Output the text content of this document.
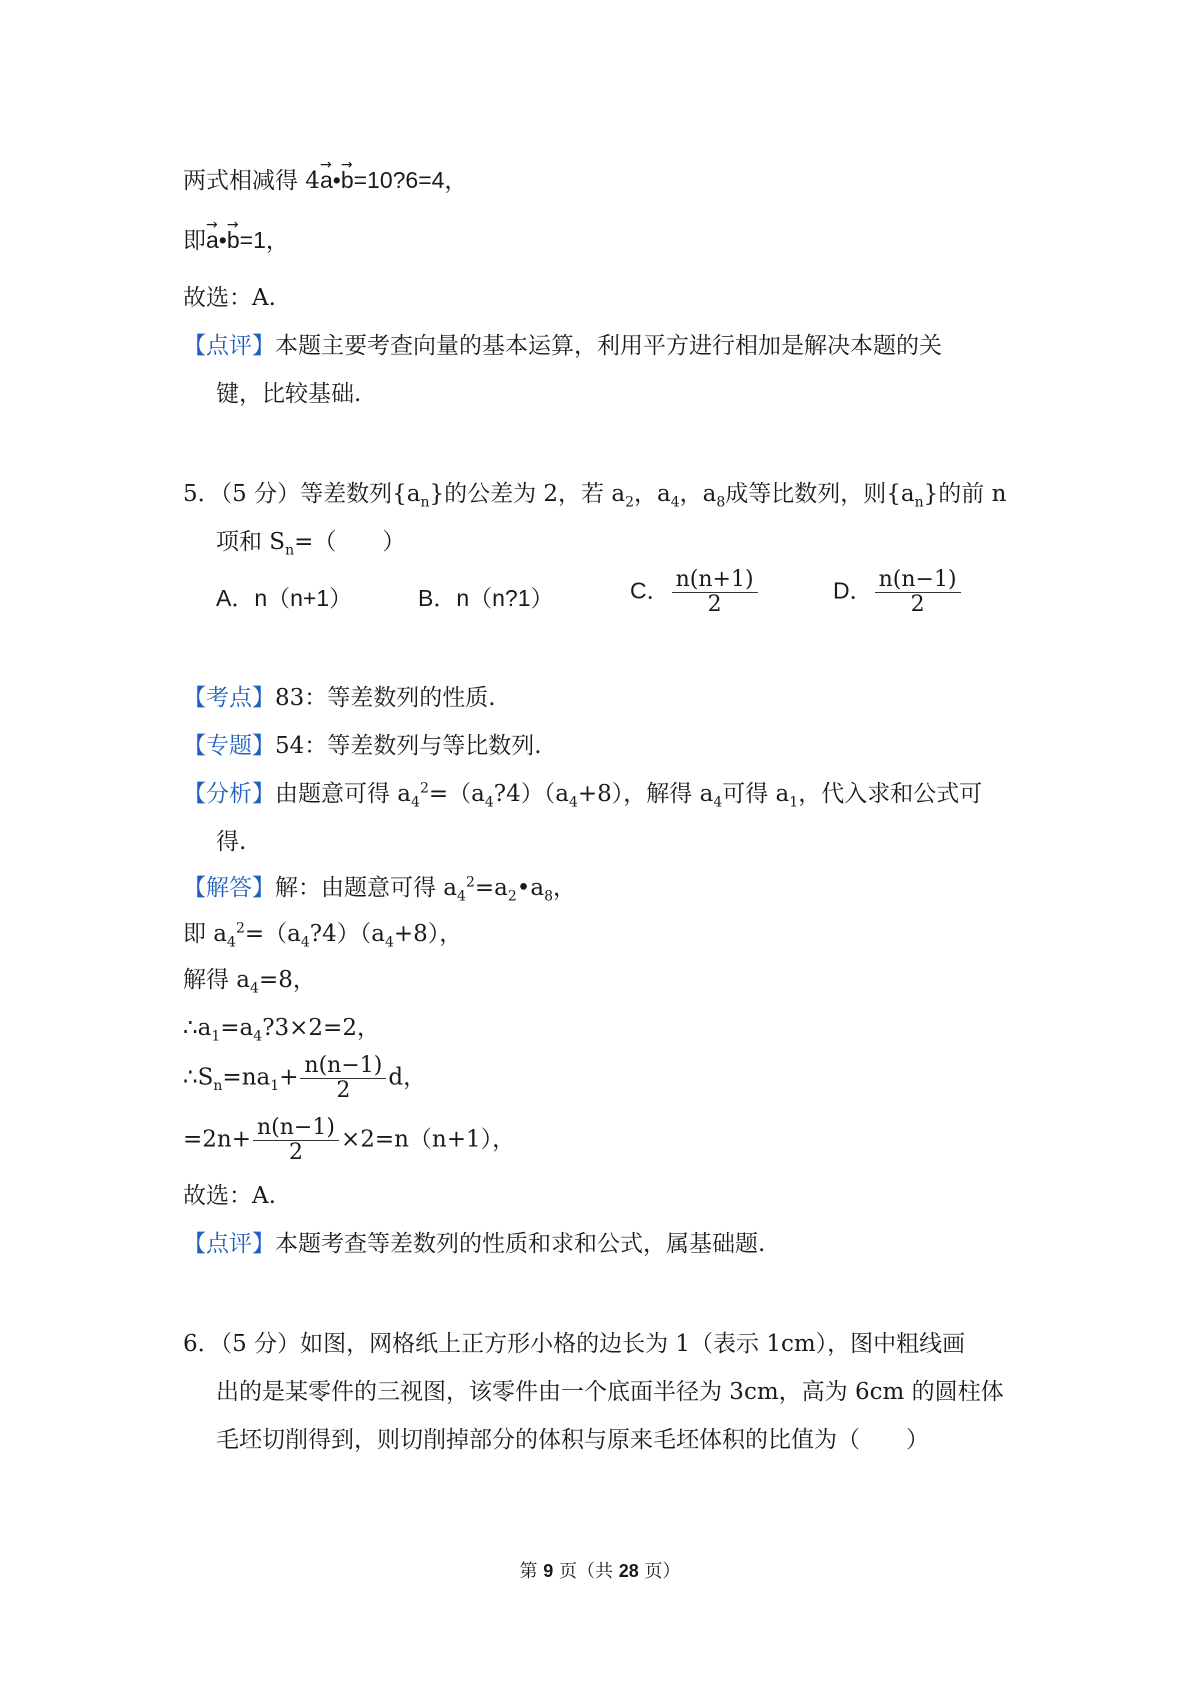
两式相减得 4→ a•→ b=10?6=4，
即→ a•→ b=1，
故选：A.
【点评】本题主要考查向量的基本运算，利用平方进行相加是解决本题的关
键，比较基础.
5．（5 分）等差数列$\{a_n\}$的公差为 2，若 $a_2$，$a_4$，$a_8$成等比数列，则$\{a_n\}$的前 n
项和 $S_n=$（　　）
A．n（n+1）	B．n（n?1）	C． $\frac{n(n+1)}{2}$	D． $\frac{n(n-1)}{2}$
【考点】83：等差数列的性质.
【专题】54：等差数列与等比数列.
【分析】由题意可得 $a_4^2=(a_4?4)(a_4+8)$，解得 $a_4$可得 $a_1$，代入求和公式可
得.
【解答】解：由题意可得 $a_4^2=a_2•a_8$，
即 $a_4^2=(a_4?4)(a_4+8)$，
解得 $a_4=8$，
$\therefore a_1=a_4?3\times 2=2$，
$\therefore S_n=na_1+ \frac{n(n-1)}{2}$ d，
$=2n+ \frac{n(n-1)}{2} \times 2=n(n+1)$，
故选：A.
【点评】本题考查等差数列的性质和求和公式，属基础题.
6．（5 分）如图，网格纸上正方形小格的边长为 1（表示 1cm），图中粗线画
出的是某零件的三视图，该零件由一个底面半径为 3cm，高为 6cm 的圆柱体
毛坯切削得到，则切削掉部分的体积与原来毛坯体积的比值为（　　）
第 9 页（共 28 页）
